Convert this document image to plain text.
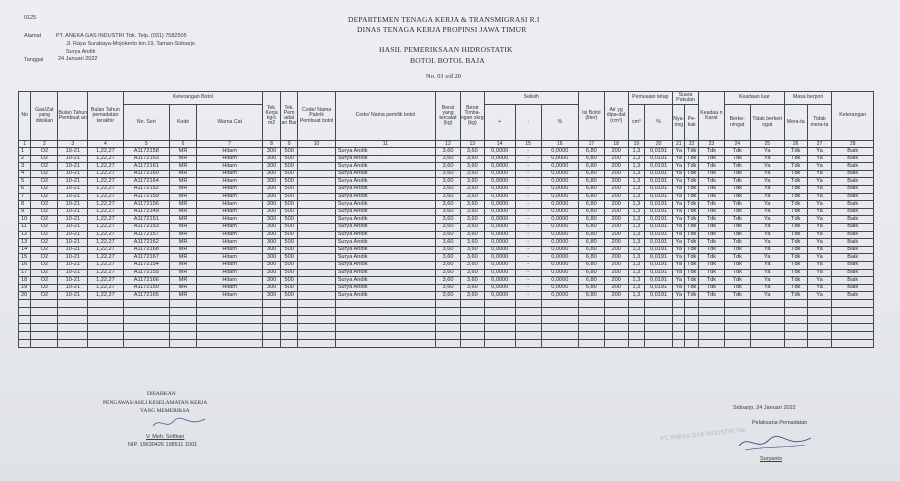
0125
Alamat	PT. ANEKA GAS INDUSTRI Tbk. Telp. (031) 7582505
Jl. Raya Surabaya-Mojokerto km.19, Taman-Sidoarjo
Surya Andik
Tanggal	24 Januari 2022
DEPARTEMEN TENAGA KERJA & TRANSMIGRASI R.I
DINAS TENAGA KERJA PROPINSI JAWA TIMUR
HASIL PEMERIKSAAN HIDROSTATIK
BOTOL BOTOL BAJA
No. 01 s/d 20
No	Gas/Zat yang diisikan	Bulan Tahun Pembuat an	Bulan Tahun pemadatan terakhir	Keterangan Botol			Tek. Kerja kg/c m2	Tek. Pem adat an Bar	Code/ Nama Pabrik Pembuat botol	Code/ Nama pemilik botol	Berat yang tercatat (kg)	Berat Timba-ngan skrg (kg)	Selisih			Isi Botol (liter)	Air yg dipa-dat (cm³)	Pemuaian tetap		Suara Pukulan		Keadaa n Karat	Keadaan luar		Masa berpori		Keterangan
				No. Seri	Kode	Warna Cat							+	-	%			cm³	%	Nya-ring	Pe-kak		Berke-ningat	Tidak berkeri ngat	Mera-ta	Tidak mera-ta	
1	2	3	4	5	6	7	8	9	10	11	12	13	14	15	16	17	18	19	20	21	22	23	24	25	26	27	28
1	O2	10-21	1,22,27	A1172158	MR	Hitam	300	500		Surya Andik	3,60	3,60	0,0000	-	0,0000	6,80	200	1,3	0,0191	Ya	Tdk	Tdk	Tdk	Ya	Tdk	Ya	Baik
2	O2	10-21	1,22,27	A1172163	MR	Hitam	300	500		Surya Andik	3,60	3,60	0,0000	-	0,0000	6,80	200	1,3	0,0191	Ya	Tdk	Tdk	Tdk	Ya	Tdk	Ya	Baik
3	O2	10-21	1,22,27	A1172161	MR	Hitam	300	500		Surya Andik	3,60	3,60	0,0000	-	0,0000	6,80	200	1,3	0,0191	Ya	Tdk	Tdk	Tdk	Ya	Tdk	Ya	Baik
4	O2	10-21	1,22,27	A1172160	MR	Hitam	300	500		Surya Andik	3,60	3,60	0,0000	-	0,0000	6,80	200	1,3	0,0191	Ya	Tdk	Tdk	Tdk	Ya	Tdk	Ya	Baik
5	O2	10-21	1,22,27	A1172164	MR	Hitam	300	500		Surya Andik	3,60	3,60	0,0000	-	0,0000	6,80	200	1,3	0,0191	Ya	Tdk	Tdk	Tdk	Ya	Tdk	Ya	Baik
6	O2	10-21	1,22,27	A1172152	MR	Hitam	300	500		Surya Andik	3,60	3,60	0,0000	-	0,0000	6,80	200	1,3	0,0191	Ya	Tdk	Tdk	Tdk	Ya	Tdk	Ya	Baik
7	O2	10-21	1,22,27	A1172159	MR	Hitam	300	500		Surya Andik	3,60	3,60	0,0000	-	0,0000	6,80	200	1,3	0,0191	Ya	Tdk	Tdk	Tdk	Ya	Tdk	Ya	Baik
8	O2	10-21	1,22,27	A1172156	MR	Hitam	300	500		Surya Andik	3,60	3,60	0,0000	-	0,0000	6,80	200	1,3	0,0191	Ya	Tdk	Tdk	Tdk	Ya	Tdk	Ya	Baik
9	O2	10-21	1,22,27	A1172149	MR	Hitam	300	500		Surya Andik	3,60	3,60	0,0000	-	0,0000	6,80	200	1,3	0,0191	Ya	Tdk	Tdk	Tdk	Ya	Tdk	Ya	Baik
10	O2	10-21	1,22,27	A1172151	MR	Hitam	300	500		Surya Andik	3,60	3,60	0,0000	-	0,0000	6,80	200	1,3	0,0191	Ya	Tdk	Tdk	Tdk	Ya	Tdk	Ya	Baik
11	O2	10-21	1,22,27	A1172153	MR	Hitam	300	500		Surya Andik	3,60	3,60	0,0000	-	0,0000	6,80	200	1,3	0,0191	Ya	Tdk	Tdk	Tdk	Ya	Tdk	Ya	Baik
12	O2	10-21	1,22,27	A1172157	MR	Hitam	300	500		Surya Andik	3,60	3,60	0,0000	-	0,0000	6,80	200	1,3	0,0191	Ya	Tdk	Tdk	Tdk	Ya	Tdk	Ya	Baik
13	O2	10-21	1,22,27	A1172162	MR	Hitam	300	500		Surya Andik	3,60	3,60	0,0000	-	0,0000	6,80	200	1,3	0,0191	Ya	Tdk	Tdk	Tdk	Ya	Tdk	Ya	Baik
14	O2	10-21	1,22,27	A1172168	MR	Hitam	300	500		Surya Andik	3,60	3,60	0,0000	-	0,0000	6,80	200	1,3	0,0191	Ya	Tdk	Tdk	Tdk	Ya	Tdk	Ya	Baik
15	O2	10-21	1,22,27	A1172167	MR	Hitam	300	500		Surya Andik	3,60	3,60	0,0000	-	0,0000	6,80	200	1,3	0,0191	Ya	Tdk	Tdk	Tdk	Ya	Tdk	Ya	Baik
16	O2	10-21	1,22,27	A1172154	MR	Hitam	300	500		Surya Andik	3,60	3,60	0,0000	-	0,0000	6,80	200	1,3	0,0191	Ya	Tdk	Tdk	Tdk	Ya	Tdk	Ya	Baik
17	O2	10-21	1,22,27	A1172155	MR	Hitam	300	500		Surya Andik	3,60	3,60	0,0000	-	0,0000	6,80	200	1,3	0,0191	Ya	Tdk	Tdk	Tdk	Ya	Tdk	Ya	Baik
18	O2	10-21	1,22,27	A1172166	MR	Hitam	300	500		Surya Andik	3,60	3,60	0,0000	-	0,0000	6,80	200	1,3	0,0191	Ya	Tdk	Tdk	Tdk	Ya	Tdk	Ya	Baik
19	O2	10-21	1,22,27	A1172150	MR	Hitam	300	500		Surya Andik	3,60	3,60	0,0000	-	0,0000	6,80	200	1,3	0,0191	Ya	Tdk	Tdk	Tdk	Ya	Tdk	Ya	Baik
20	O2	10-21	1,22,27	A1172165	MR	Hitam	300	500		Surya Andik	3,60	3,60	0,0000	-	0,0000	6,80	200	1,3	0,0191	Ya	Tdk	Tdk	Tdk	Ya	Tdk	Ya	Baik

DISAHKAN
PENGAWAS/AHLI KESELAMATAN KERJA
YANG MEMERIKSA
V. Moh. Sofikan
NIP. 19630426 198511 1001
Sidoarjo, 24 Januari 2022
Pelaksana Pemadatan
PT. ANEKA GAS INDUSTRI Tbk.
Suryanto
